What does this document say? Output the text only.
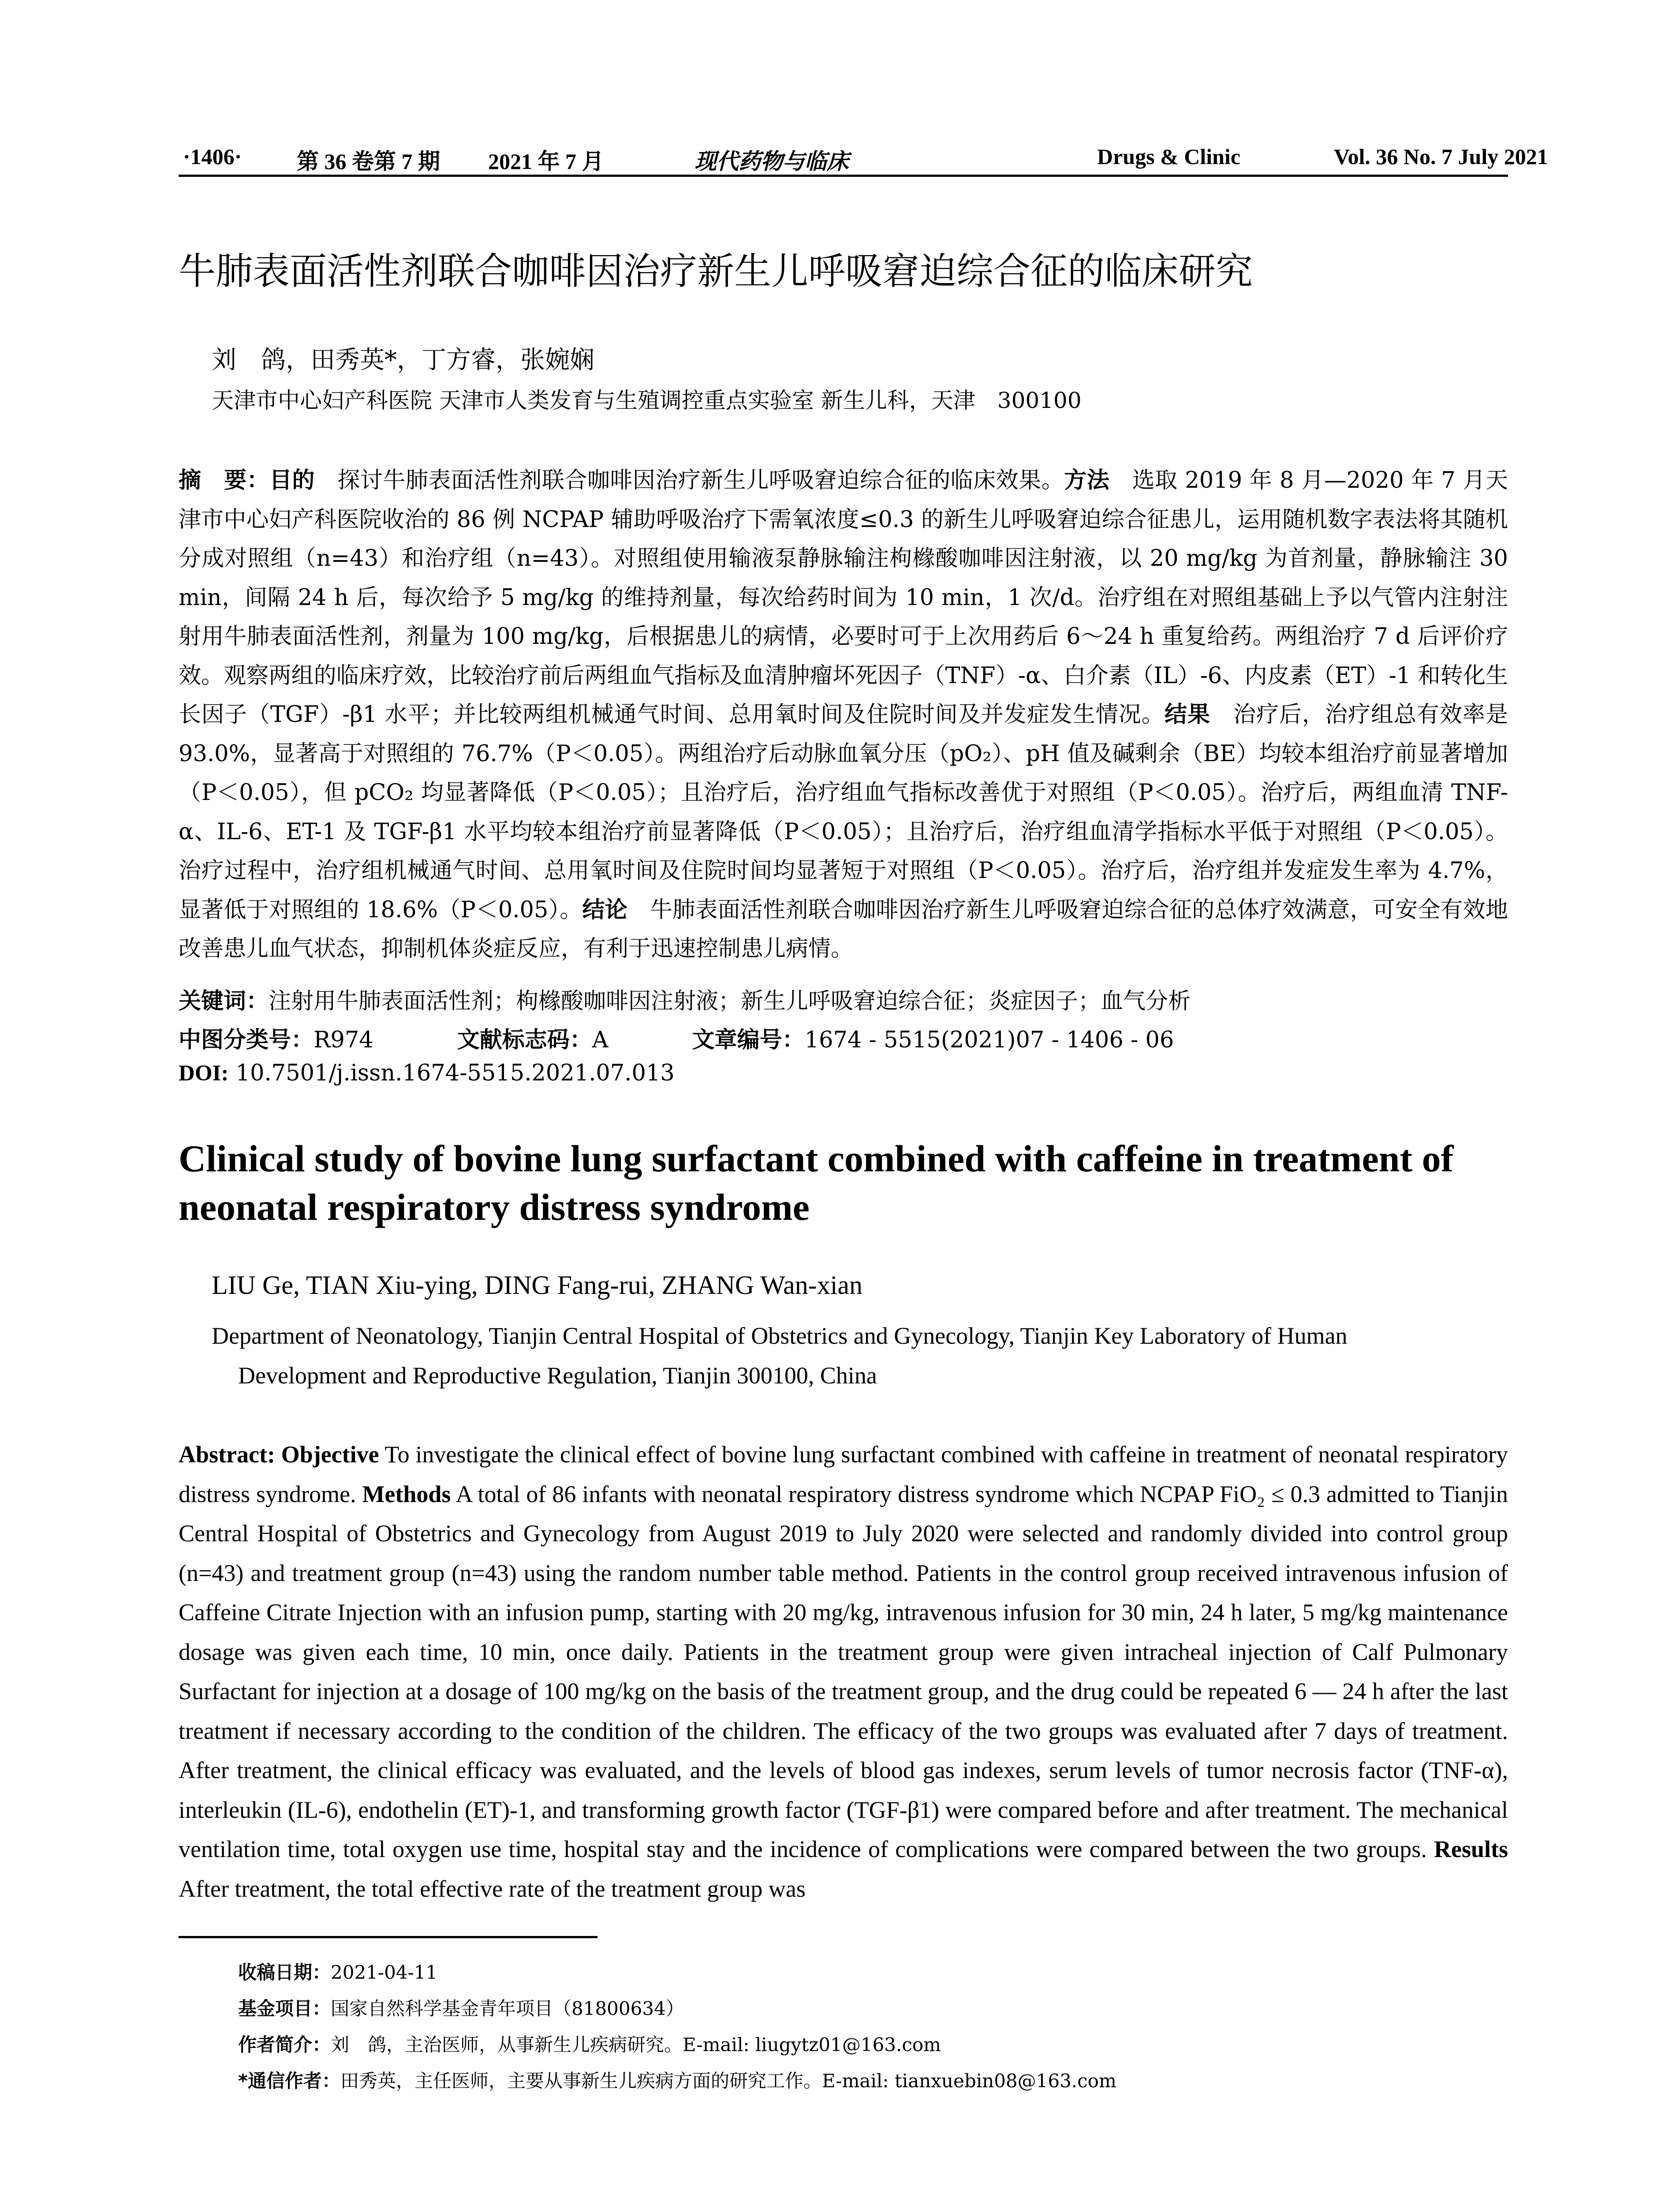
·1406· 第 36 卷第 7 期 2021 年 7 月	现代药物与临床	Drugs & Clinic	Vol. 36 No. 7 July 2021
牛肺表面活性剂联合咖啡因治疗新生儿呼吸窘迫综合征的临床研究
刘　鸽，田秀英*，丁方睿，张婉娴
天津市中心妇产科医院 天津市人类发育与生殖调控重点实验室 新生儿科，天津　300100
摘　要：目的　探讨牛肺表面活性剂联合咖啡因治疗新生儿呼吸窘迫综合征的临床效果。方法　选取 2019 年 8 月—2020 年 7 月天津市中心妇产科医院收治的 86 例 NCPAP 辅助呼吸治疗下需氧浓度≤0.3 的新生儿呼吸窘迫综合征患儿，运用随机数字表法将其随机分成对照组（n=43）和治疗组（n=43）。对照组使用输液泵静脉输注枸橼酸咖啡因注射液，以 20 mg/kg 为首剂量，静脉输注 30 min，间隔 24 h 后，每次给予 5 mg/kg 的维持剂量，每次给药时间为 10 min，1 次/d。治疗组在对照组基础上予以气管内注射注射用牛肺表面活性剂，剂量为 100 mg/kg，后根据患儿的病情，必要时可于上次用药后 6～24 h 重复给药。两组治疗 7 d 后评价疗效。观察两组的临床疗效，比较治疗前后两组血气指标及血清肿瘤坏死因子（TNF）-α、白介素（IL）-6、内皮素（ET）-1 和转化生长因子（TGF）-β1 水平；并比较两组机械通气时间、总用氧时间及住院时间及并发症发生情况。结果　治疗后，治疗组总有效率是 93.0%，显著高于对照组的 76.7%（P＜0.05）。两组治疗后动脉血氧分压（pO₂）、pH 值及碱剩余（BE）均较本组治疗前显著增加（P＜0.05），但 pCO₂ 均显著降低（P＜0.05）；且治疗后，治疗组血气指标改善优于对照组（P＜0.05）。治疗后，两组血清 TNF-α、IL-6、ET-1 及 TGF-β1 水平均较本组治疗前显著降低（P＜0.05）；且治疗后，治疗组血清学指标水平低于对照组（P＜0.05）。治疗过程中，治疗组机械通气时间、总用氧时间及住院时间均显著短于对照组（P＜0.05）。治疗后，治疗组并发症发生率为 4.7%，显著低于对照组的 18.6%（P＜0.05）。结论　牛肺表面活性剂联合咖啡因治疗新生儿呼吸窘迫综合征的总体疗效满意，可安全有效地改善患儿血气状态，抑制机体炎症反应，有利于迅速控制患儿病情。
关键词：注射用牛肺表面活性剂；枸橼酸咖啡因注射液；新生儿呼吸窘迫综合征；炎症因子；血气分析
中图分类号：R974	文献标志码：A	文章编号：1674 - 5515(2021)07 - 1406 - 06
DOI: 10.7501/j.issn.1674-5515.2021.07.013
Clinical study of bovine lung surfactant combined with caffeine in treatment of neonatal respiratory distress syndrome
LIU Ge, TIAN Xiu-ying, DING Fang-rui, ZHANG Wan-xian
Department of Neonatology, Tianjin Central Hospital of Obstetrics and Gynecology, Tianjin Key Laboratory of Human
Development and Reproductive Regulation, Tianjin 300100, China
Abstract: Objective To investigate the clinical effect of bovine lung surfactant combined with caffeine in treatment of neonatal respiratory distress syndrome. Methods A total of 86 infants with neonatal respiratory distress syndrome which NCPAP FiO₂ ≤ 0.3 admitted to Tianjin Central Hospital of Obstetrics and Gynecology from August 2019 to July 2020 were selected and randomly divided into control group (n=43) and treatment group (n=43) using the random number table method. Patients in the control group received intravenous infusion of Caffeine Citrate Injection with an infusion pump, starting with 20 mg/kg, intravenous infusion for 30 min, 24 h later, 5 mg/kg maintenance dosage was given each time, 10 min, once daily. Patients in the treatment group were given intracheal injection of Calf Pulmonary Surfactant for injection at a dosage of 100 mg/kg on the basis of the treatment group, and the drug could be repeated 6 — 24 h after the last treatment if necessary according to the condition of the children. The efficacy of the two groups was evaluated after 7 days of treatment. After treatment, the clinical efficacy was evaluated, and the levels of blood gas indexes, serum levels of tumor necrosis factor (TNF-α), interleukin (IL-6), endothelin (ET)-1, and transforming growth factor (TGF-β1) were compared before and after treatment. The mechanical ventilation time, total oxygen use time, hospital stay and the incidence of complications were compared between the two groups. Results After treatment, the total effective rate of the treatment group was
收稿日期：2021-04-11
基金项目：国家自然科学基金青年项目（81800634）
作者简介：刘　鸽，主治医师，从事新生儿疾病研究。E-mail: liugytz01@163.com
*通信作者：田秀英，主任医师，主要从事新生儿疾病方面的研究工作。E-mail: tianxuebin08@163.com
